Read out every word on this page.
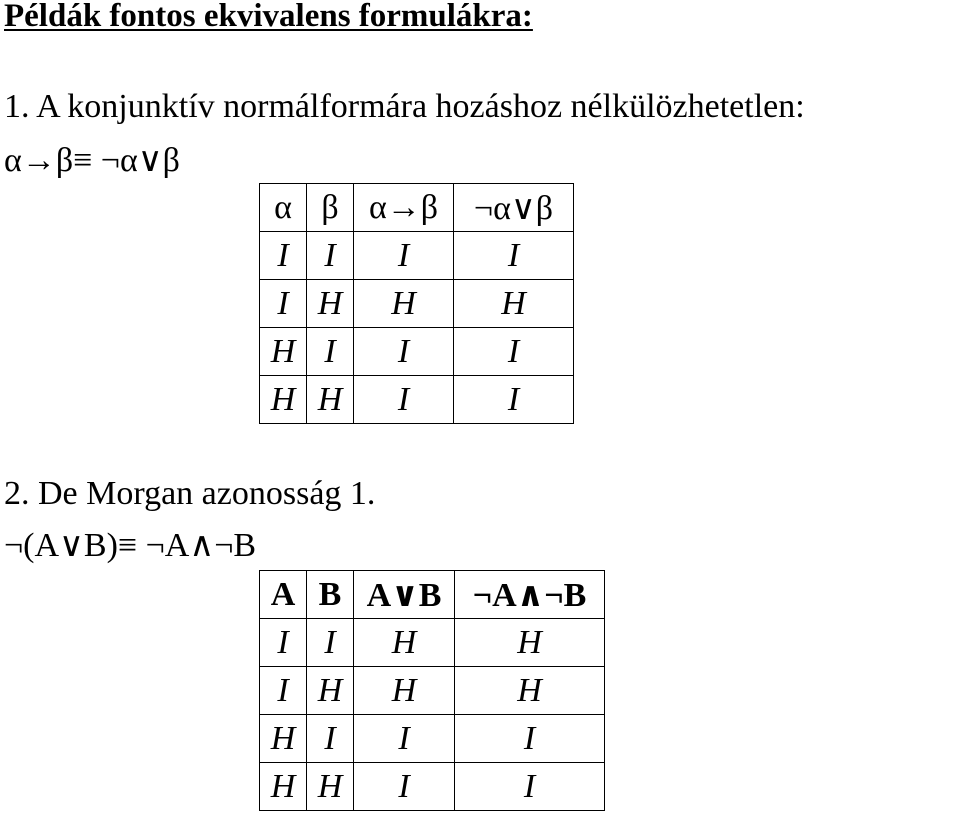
Példák fontos ekvivalens formulákra:
1. A konjunktív normálformára hozáshoz nélkülözhetetlen:
α→β≡ ¬α∨β
α	β	α→β	¬α∨β
I	I	I	I
I	H	H	H
H	I	I	I
H	H	I	I
2. De Morgan azonosság 1.
¬(A∨B)≡ ¬A∧¬B
A	B	A∨B	¬A∧¬B
I	I	H	H
I	H	H	H
H	I	I	I
H	H	I	I
